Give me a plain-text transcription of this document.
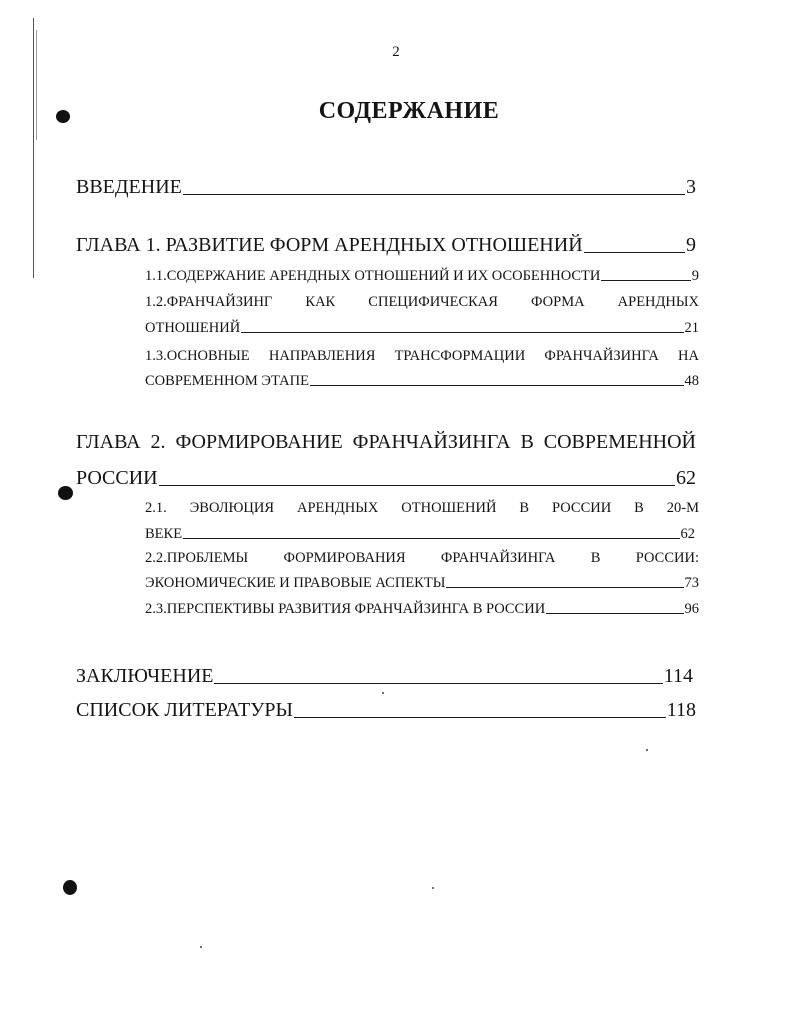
2
СОДЕРЖАНИЕ
ВВЕДЕНИЕ	3
ГЛАВА 1. РАЗВИТИЕ ФОРМ АРЕНДНЫХ ОТНОШЕНИЙ	9
1.1.СОДЕРЖАНИЕ АРЕНДНЫХ ОТНОШЕНИЙ И ИХ ОСОБЕННОСТИ	9
1.2.ФРАНЧАЙЗИНГ КАК СПЕЦИФИЧЕСКАЯ ФОРМА АРЕНДНЫХ
ОТНОШЕНИЙ	21
1.3.ОСНОВНЫЕ НАПРАВЛЕНИЯ ТРАНСФОРМАЦИИ ФРАНЧАЙЗИНГА НА
СОВРЕМЕННОМ ЭТАПЕ	48
ГЛАВА 2. ФОРМИРОВАНИЕ ФРАНЧАЙЗИНГА В СОВРЕМЕННОЙ
РОССИИ	62
2.1. ЭВОЛЮЦИЯ АРЕНДНЫХ ОТНОШЕНИЙ В РОССИИ В 20-М
ВЕКЕ	62
2.2.ПРОБЛЕМЫ ФОРМИРОВАНИЯ ФРАНЧАЙЗИНГА В РОССИИ:
ЭКОНОМИЧЕСКИЕ И ПРАВОВЫЕ АСПЕКТЫ	73
2.3.ПЕРСПЕКТИВЫ РАЗВИТИЯ ФРАНЧАЙЗИНГА В РОССИИ	96
ЗАКЛЮЧЕНИЕ	114
СПИСОК ЛИТЕРАТУРЫ	118
